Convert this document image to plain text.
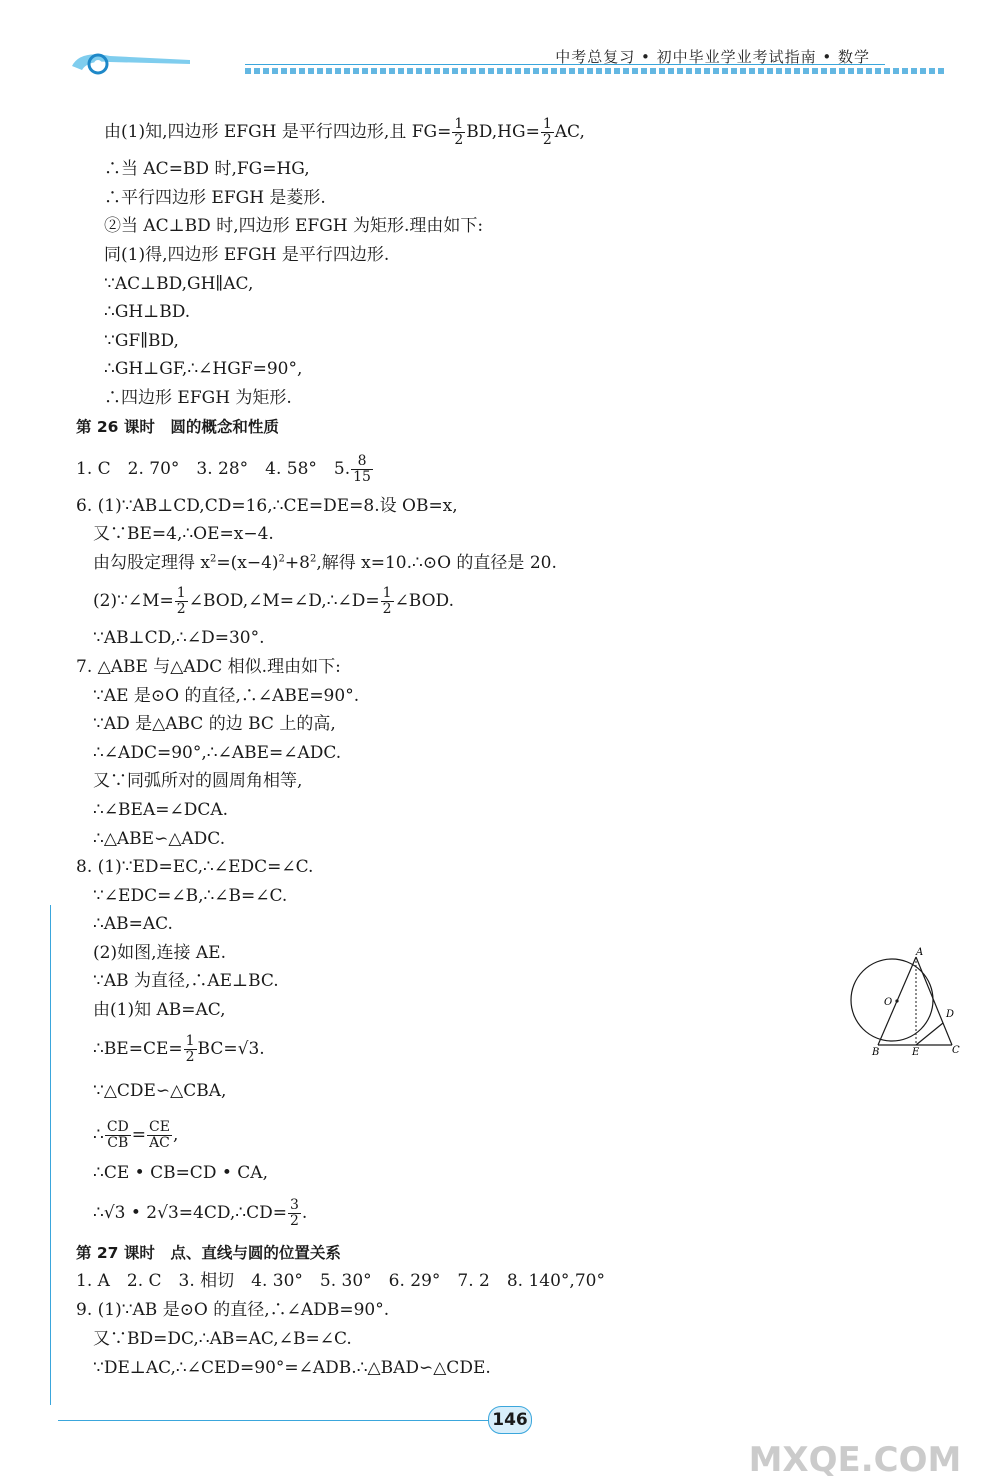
中考总复习 • 初中毕业学业考试指南 • 数学
由(1)知,四边形 EFGH 是平行四边形,且 $FG= \frac{1}{2} BD,HG= \frac{1}{2}$ AC,
∴当 AC=BD 时,FG=HG,
∴平行四边形 EFGH 是菱形.
②当 AC⊥BD 时,四边形 EFGH 为矩形.理由如下:
同(1)得,四边形 EFGH 是平行四边形.
∵AC⊥BD,GH∥AC,
∴GH⊥BD.
∵GF∥BD,
∴GH⊥GF,∴∠HGF=90°,
∴四边形 EFGH 为矩形.
第 26 课时　圆的概念和性质
1. C　2. 70°　3. 28°　4. 58°　5. $\frac{8}{15}$
6. (1)∵AB⊥CD,CD=16,∴CE=DE=8.设 OB=x,
又∵BE=4,∴OE=x−4.
由勾股定理得 $x^2=(x-4)^2+8^2$,解得 x=10.∴⊙O 的直径是 20.
(2)∵∠M= $\frac{1}{2}$ ∠BOD,∠M=∠D,∴∠D= $\frac{1}{2}$ ∠BOD.
∵AB⊥CD,∴∠D=30°.
7. △ABE 与△ADC 相似.理由如下:
∵AE 是⊙O 的直径,∴∠ABE=90°.
∵AD 是△ABC 的边 BC 上的高,
∴∠ADC=90°,∴∠ABE=∠ADC.
又∵同弧所对的圆周角相等,
∴∠BEA=∠DCA.
∴△ABE∽△ADC.
8. (1)∵ED=EC,∴∠EDC=∠C.
∵∠EDC=∠B,∴∠B=∠C.
∴AB=AC.
(2)如图,连接 AE.
∵AB 为直径,∴AE⊥BC.
由(1)知 AB=AC,
∴BE=CE= $\frac{1}{2} BC=√3$.
∵△CDE∽△CBA,
∴ $\frac{CD}{CB} = \frac{CE}{AC}$ ,
∴CE • CB=CD • CA,
∴√3 • 2√3=4CD,∴CD= $\frac{3}{2}$ .
第 27 课时　点、直线与圆的位置关系
1. A　2. C　3. 相切　4. 30°　5. 30°　6. 29°　7. 2　8. 140°,70°
9. (1)∵AB 是⊙O 的直径,∴∠ADB=90°.
又∵BD=DC,∴AB=AC,∠B=∠C.
∵DE⊥AC,∴∠CED=90°=∠ADB.∴△BAD∽△CDE.
A
O
D
B	E	C
146
MXQE.COM
